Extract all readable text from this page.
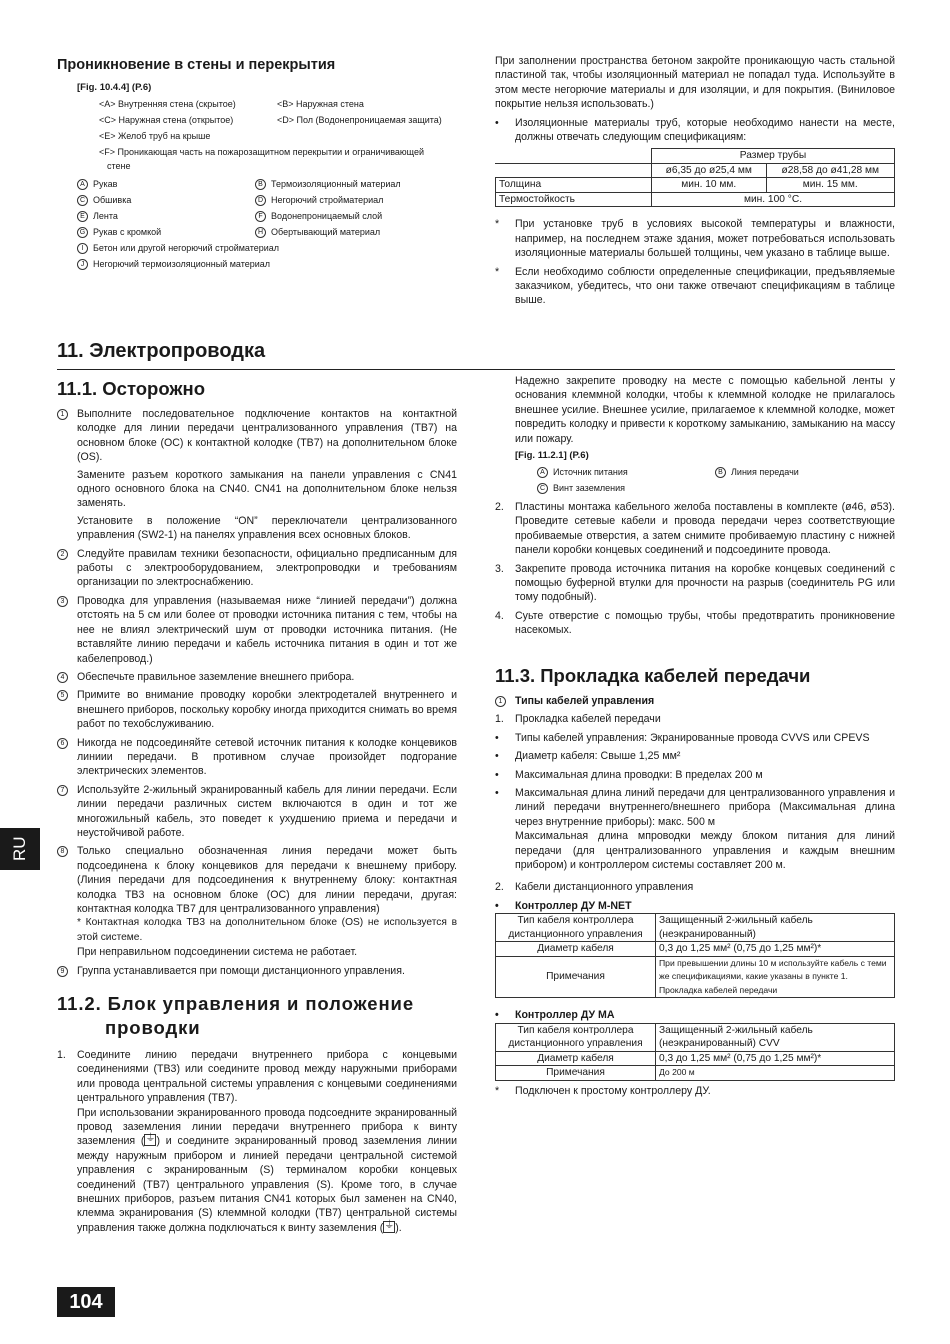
Проникновение в стены и перекрытия
[Fig. 10.4.4] (P.6)
<A> Внутренняя стена (скрытое)	<B> Наружная стена
<C> Наружная стена (открытое)	<D> Пол (Водонепроницаемая защита)
<E> Желоб труб на крыше
<F> Проникающая часть на пожарозащитном перекрытии и ограничивающей
стене
A Рукав	B Термоизоляционный материал
C Обшивка	D Негорючий стройматериал
E Лента	F Водонепроницаемый слой
G Рукав с кромкой	H Обертывающий материал
I Бетон или другой негорючий стройматериал
J Негорючий термоизоляционный материал

При заполнении пространства бетоном закройте проникающую часть стальной пластиной так, чтобы изоляционный материал не попадал туда. Используйте в этом месте негорючие материалы и для изоляции, и для покрытия. (Виниловое покрытие нельзя использовать.)

•	Изоляционные материалы труб, которые необходимо нанести на месте, должны отвечать следующим спецификациям:
	Размер трубы	
	ø6,35 до ø25,4 мм	ø28,58 до ø41,28 мм
Толщина	мин. 10 мм.	мин. 15 мм.
Термостойкость	мин. 100 °C.	
*	При установке труб в условиях высокой температуры и влажности, например, на последнем этаже здания, может потребоваться использовать изоляционные материалы большей толщины, чем указано в таблице выше.
*	Если необходимо соблюсти определенные спецификации, предъявляемые заказчиком, убедитесь, что они также отвечают спецификациям в таблице выше.
11. Электропроводка
11.1. Осторожно
1	Выполните последовательное подключение контактов на контактной колодке для линии передачи централизованного управления (TB7) на основном блоке (OC) к контактной колодке (TB7) на дополнительном блоке (OS).

Замените разъем короткого замыкания на панели управления с CN41 одного основного блока на CN40. CN41 на дополнительном блоке нельзя заменять.

Установите в положение “ON” переключатели централизованного управления (SW2-1) на панелях управления всех основных блоков.

2	Следуйте правилам техники безопасности, официально предписанным для работы с электрооборудованием, электропроводки и требованиям организации по электроснабжению.
3	Проводка для управления (называемая ниже “линией передачи”) должна отстоять на 5 см или более от проводки источника питания с тем, чтобы на нее не влиял электрический шум от проводки источника питания. (Не вставляйте линию передачи и кабель источника питания в один и тот же кабелепровод.)
4	Обеспечьте правильное заземление внешнего прибора.
5	Примите во внимание проводку коробки электродеталей внутреннего и внешнего приборов, поскольку коробку иногда приходится снимать во время работ по техобслуживанию.
6	Никогда не подсоединяйте сетевой источник питания к колодке концевиков линиии передачи. В противном случае произойдет подгорание электрических элементов.
7	Используйте 2-жильный экранированный кабель для линии передачи. Если линии передачи различных систем включаются в один и тот же многожильный кабель, это поведет к ухудшению приема и передачи и неустойчивой работе.
8	Только специально обозначенная линия передачи может быть подсоединена к блоку концевиков для передачи к внешнему прибору. (Линия передачи для подсоединения к внутреннему блоку: контактная колодка TB3 на основном блоке (OC) для линии передачи, другая: контактная колодка TB7 для централизованного управления)

* Контактная колодка TB3 на дополнительном блоке (OS) не используется в этой системе.

При неправильном подсоединении система не работает.

9	Группа устанавливается при помощи дистанционного управления.
11.2. Блок управления и положение
проводки
1.	Соедините линию передачи внутреннего прибора с концевыми соединениями (TB3) или соедините провод между наружными приборами или провода центральной системы управления с концевыми соединениями центрального управления (TB7).

При использовании экранированного провода подсоедните экранированный провод заземления линии передачи внутреннего прибора к винту заземления ( ⏚ ) и соедините экранированный провод заземления линии между наружным прибором и линией передачи центральной системой управления с экранированным (S) терминалом коробки концевых соединений (TB7) центрального управления (S). Кроме того, в случае внешних приборов, разъем питания CN41 которых был заменен на CN40, клемма экранирования (S) клеммной колодки (TB7) центральной системы управления также должна подключаться к винту заземления ( ⏚ ).

Надежно закрепите проводку на месте с помощью кабельной ленты у основания клеммной колодки, чтобы к клеммной колодке не прилагалось внешнее усилие. Внешнее усилие, прилагаемое к клеммной колодке, может повредить колодку и привести к короткому замыканию, замыканию на массу или пожару.

[Fig. 11.2.1] (P.6)
A Источник питания	B Линия передачи
C Винт заземления
2.	Пластины монтажа кабельного желоба поставлены в комплекте (ø46, ø53). Проведите сетевые кабели и провода передачи через соответствующие пробиваемые отверстия, а затем снимите пробиваемую пластину с нижней панели коробки концевых соединений и подсоедините провода.
3.	Закрепите провода источника питания на коробке концевых соединений с помощью буферной втулки для прочности на разрыв (соединитель PG или тому подобный).
4.	Суьте отверстие с помощью трубы, чтобы предотвратить проникновение насекомых.
11.3. Прокладка кабелей передачи
1	Типы кабелей управления
1.	Прокладка кабелей передачи
•	Типы кабелей управления: Экранированные провода CVVS или CPEVS
•	Диаметр кабеля: Свыше 1,25 мм²
•	Максимальная длина проводки: В пределах 200 м
•	Максимальная длина линий передачи для централизованного управления и линий передачи внутреннего/внешнего прибора (Максимальная длина через внутренние приборы): макс. 500 м

Максимальная длина мпроводки между блоком питания для линий передачи (для централизованного управления и каждым внешним прибором) и контроллером системы составляет 200 м.

2.	Кабели дистанционного управления
•	Контроллер ДУ M-NET
Тип кабеля контроллера дистанционного управления	Защищенный 2-жильный кабель
(неэкранированный)
Диаметр кабеля	0,3 до 1,25 мм² (0,75 до 1,25 мм²)*
Примечания	При превышении длины 10 м используйте кабель с теми же спецификациями, какие указаны в пункте 1. Прокладка кабелей передачи
•	Контроллер ДУ МА
Тип кабеля контроллера дистанционного управления	Защищенный 2-жильный кабель
(неэкранированный) CVV
Диаметр кабеля	0,3 до 1,25 мм² (0,75 до 1,25 мм²)*
Примечания	До 200 м
*	Подключен к простому контроллеру ДУ.
RU
104
